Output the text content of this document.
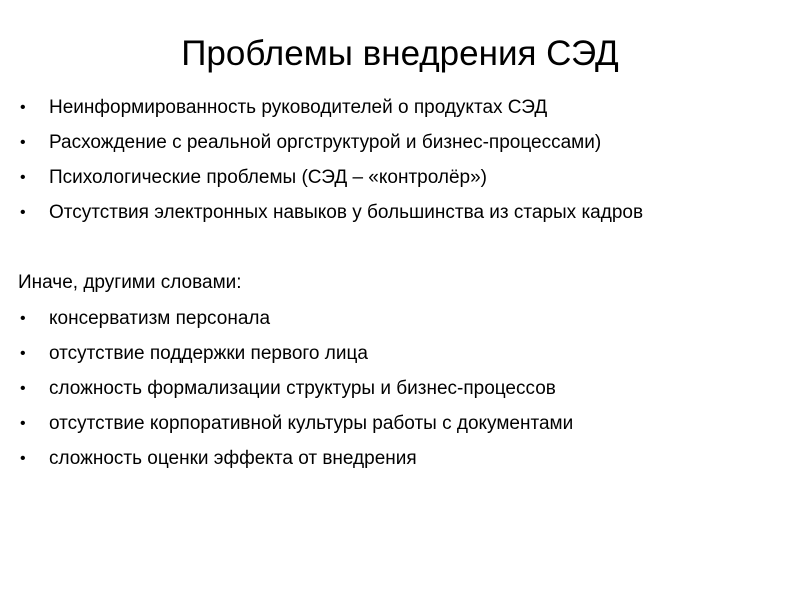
Проблемы внедрения СЭД
• Неинформированность руководителей о продуктах СЭД
• Расхождение с реальной оргструктурой и бизнес-процессами)
• Психологические проблемы (СЭД – «контролёр»)
• Отсутствия электронных навыков у большинства из старых кадров

Иначе, другими словами:

• консерватизм персонала
• отсутствие поддержки первого лица
• сложность формализации структуры и бизнес-процессов
• отсутствие корпоративной культуры работы с документами
• сложность оценки эффекта от внедрения
